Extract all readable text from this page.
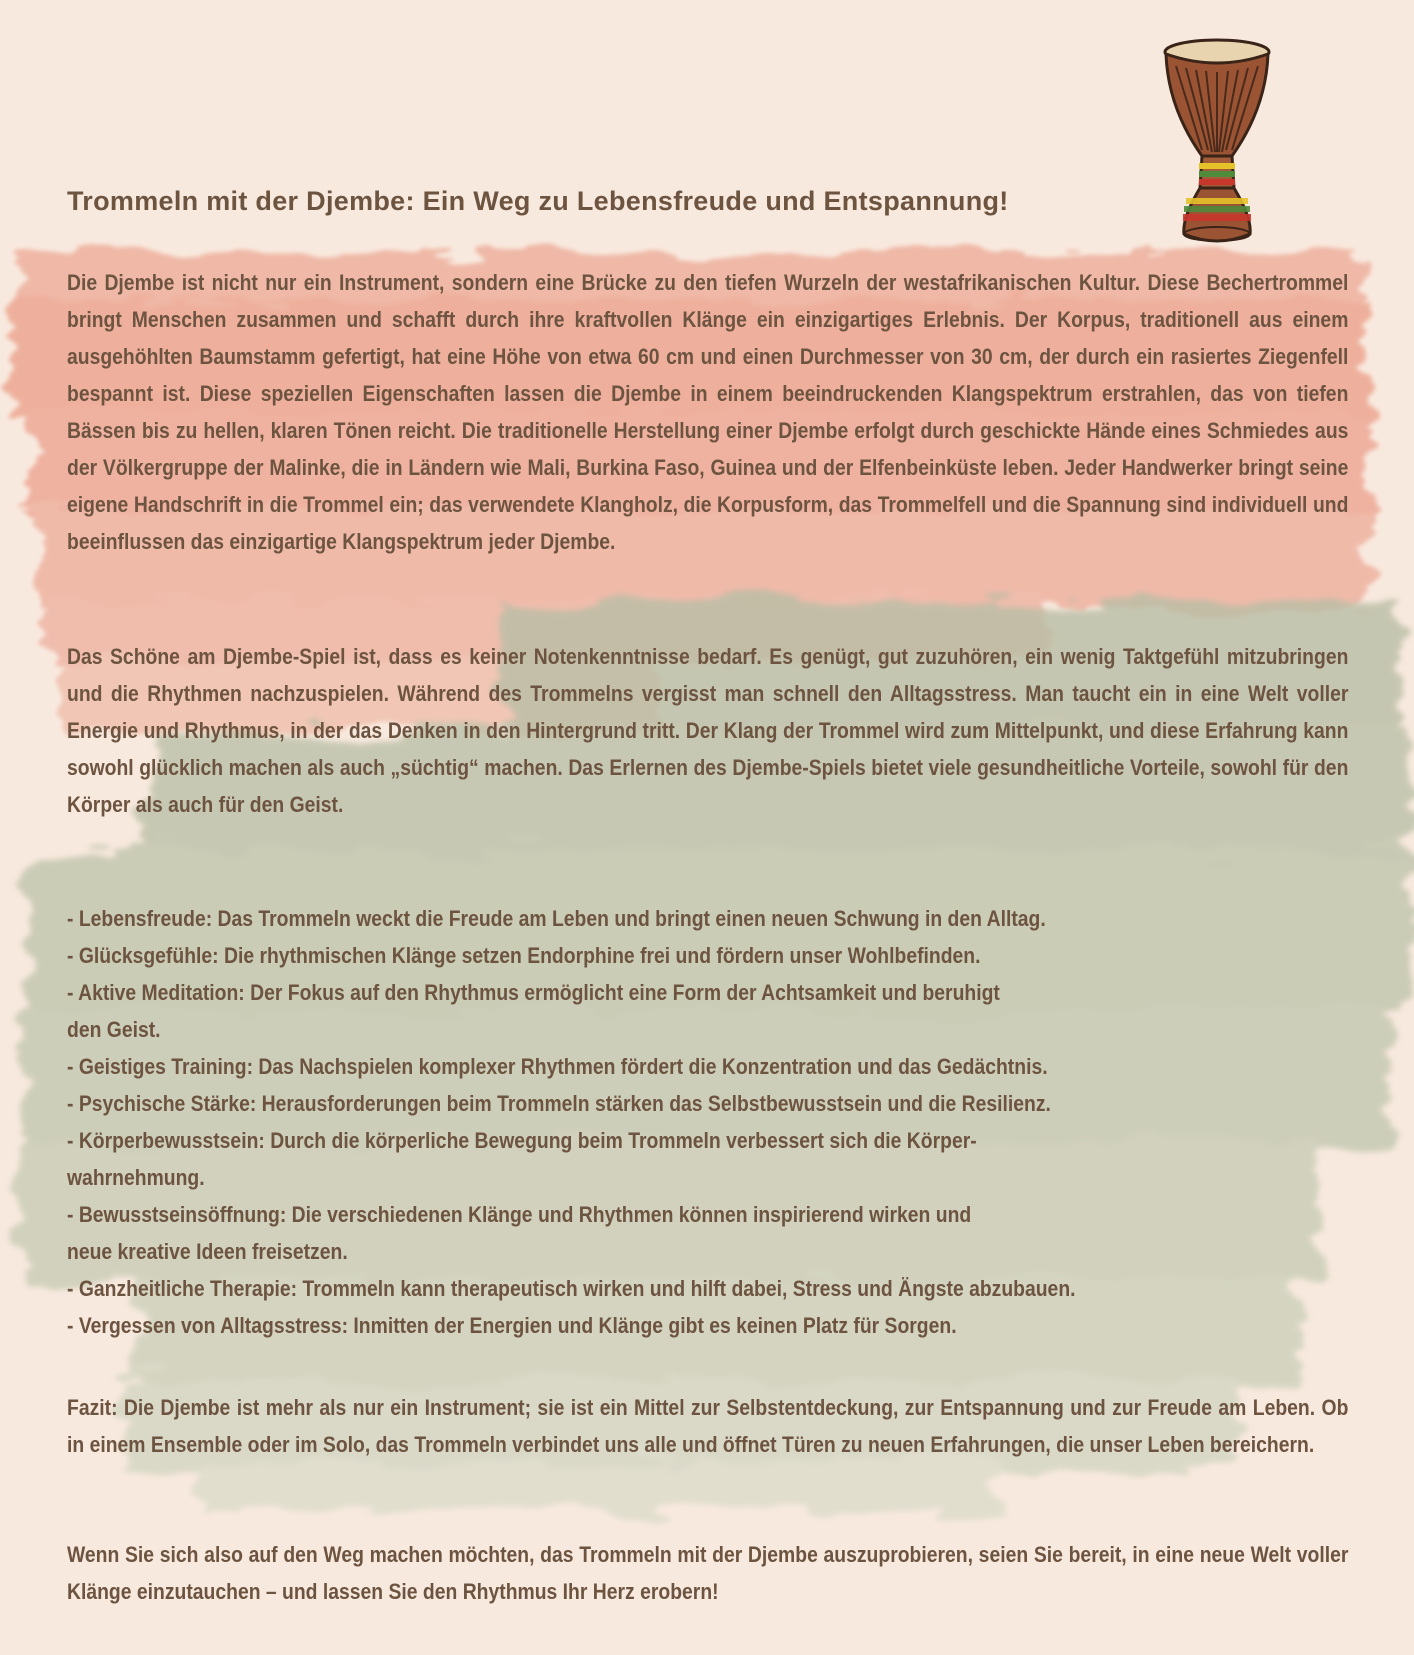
Trommeln mit der Djembe: Ein Weg zu Lebensfreude und Entspannung!
Die Djembe ist nicht nur ein Instrument, sondern eine Brücke zu den tiefen Wurzeln der westafrikanischen Kultur. Diese Bechertrommel bringt Menschen zusammen und schafft durch ihre kraftvollen Klänge ein einzigartiges Erlebnis. Der Korpus, traditionell aus einem ausgehöhlten Baumstamm gefertigt, hat eine Höhe von etwa 60 cm und einen Durchmesser von 30 cm, der durch ein rasiertes Ziegenfell bespannt ist. Diese speziellen Eigenschaften lassen die Djembe in einem beeindruckenden Klangspektrum erstrahlen, das von tiefen Bässen bis zu hellen, klaren Tönen reicht. Die traditionelle Herstellung einer Djembe erfolgt durch geschickte Hände eines Schmiedes aus der Völkergruppe der Malinke, die in Ländern wie Mali, Burkina Faso, Guinea und der Elfenbeinküste leben. Jeder Handwerker bringt seine eigene Handschrift in die Trommel ein; das verwendete Klangholz, die Korpusform, das Trommelfell und die Spannung sind individuell und beeinflussen das einzigartige Klangspektrum jeder Djembe.
Das Schöne am Djembe-Spiel ist, dass es keiner Notenkenntnisse bedarf. Es genügt, gut zuzuhören, ein wenig Taktgefühl mitzubringen und die Rhythmen nachzuspielen. Während des Trommelns vergisst man schnell den Alltagsstress. Man taucht ein in eine Welt voller Energie und Rhythmus, in der das Denken in den Hintergrund tritt. Der Klang der Trommel wird zum Mittelpunkt, und diese Erfahrung kann sowohl glücklich machen als auch „süchtig“ machen. Das Erlernen des Djembe-Spiels bietet viele gesundheitliche Vorteile, sowohl für den Körper als auch für den Geist.

- Lebensfreude: Das Trommeln weckt die Freude am Leben und bringt einen neuen Schwung in den Alltag.

- Glücksgefühle: Die rhythmischen Klänge setzen Endorphine frei und fördern unser Wohlbefinden.

- Aktive Meditation: Der Fokus auf den Rhythmus ermöglicht eine Form der Achtsamkeit und beruhigt
den Geist.

- Geistiges Training: Das Nachspielen komplexer Rhythmen fördert die Konzentration und das Gedächtnis.

- Psychische Stärke: Herausforderungen beim Trommeln stärken das Selbstbewusstsein und die Resilienz.

- Körperbewusstsein: Durch die körperliche Bewegung beim Trommeln verbessert sich die Körper-
wahrnehmung.

- Bewusstseinsöffnung: Die verschiedenen Klänge und Rhythmen können inspirierend wirken und
neue kreative Ideen freisetzen.

- Ganzheitliche Therapie: Trommeln kann therapeutisch wirken und hilft dabei, Stress und Ängste abzubauen.

- Vergessen von Alltagsstress: Inmitten der Energien und Klänge gibt es keinen Platz für Sorgen.

Fazit: Die Djembe ist mehr als nur ein Instrument; sie ist ein Mittel zur Selbstentdeckung, zur Entspannung und zur Freude am Leben. Ob in einem Ensemble oder im Solo, das Trommeln verbindet uns alle und öffnet Türen zu neuen Erfahrungen, die unser Leben bereichern.
Wenn Sie sich also auf den Weg machen möchten, das Trommeln mit der Djembe auszuprobieren, seien Sie bereit, in eine neue Welt voller Klänge einzutauchen – und lassen Sie den Rhythmus Ihr Herz erobern!
